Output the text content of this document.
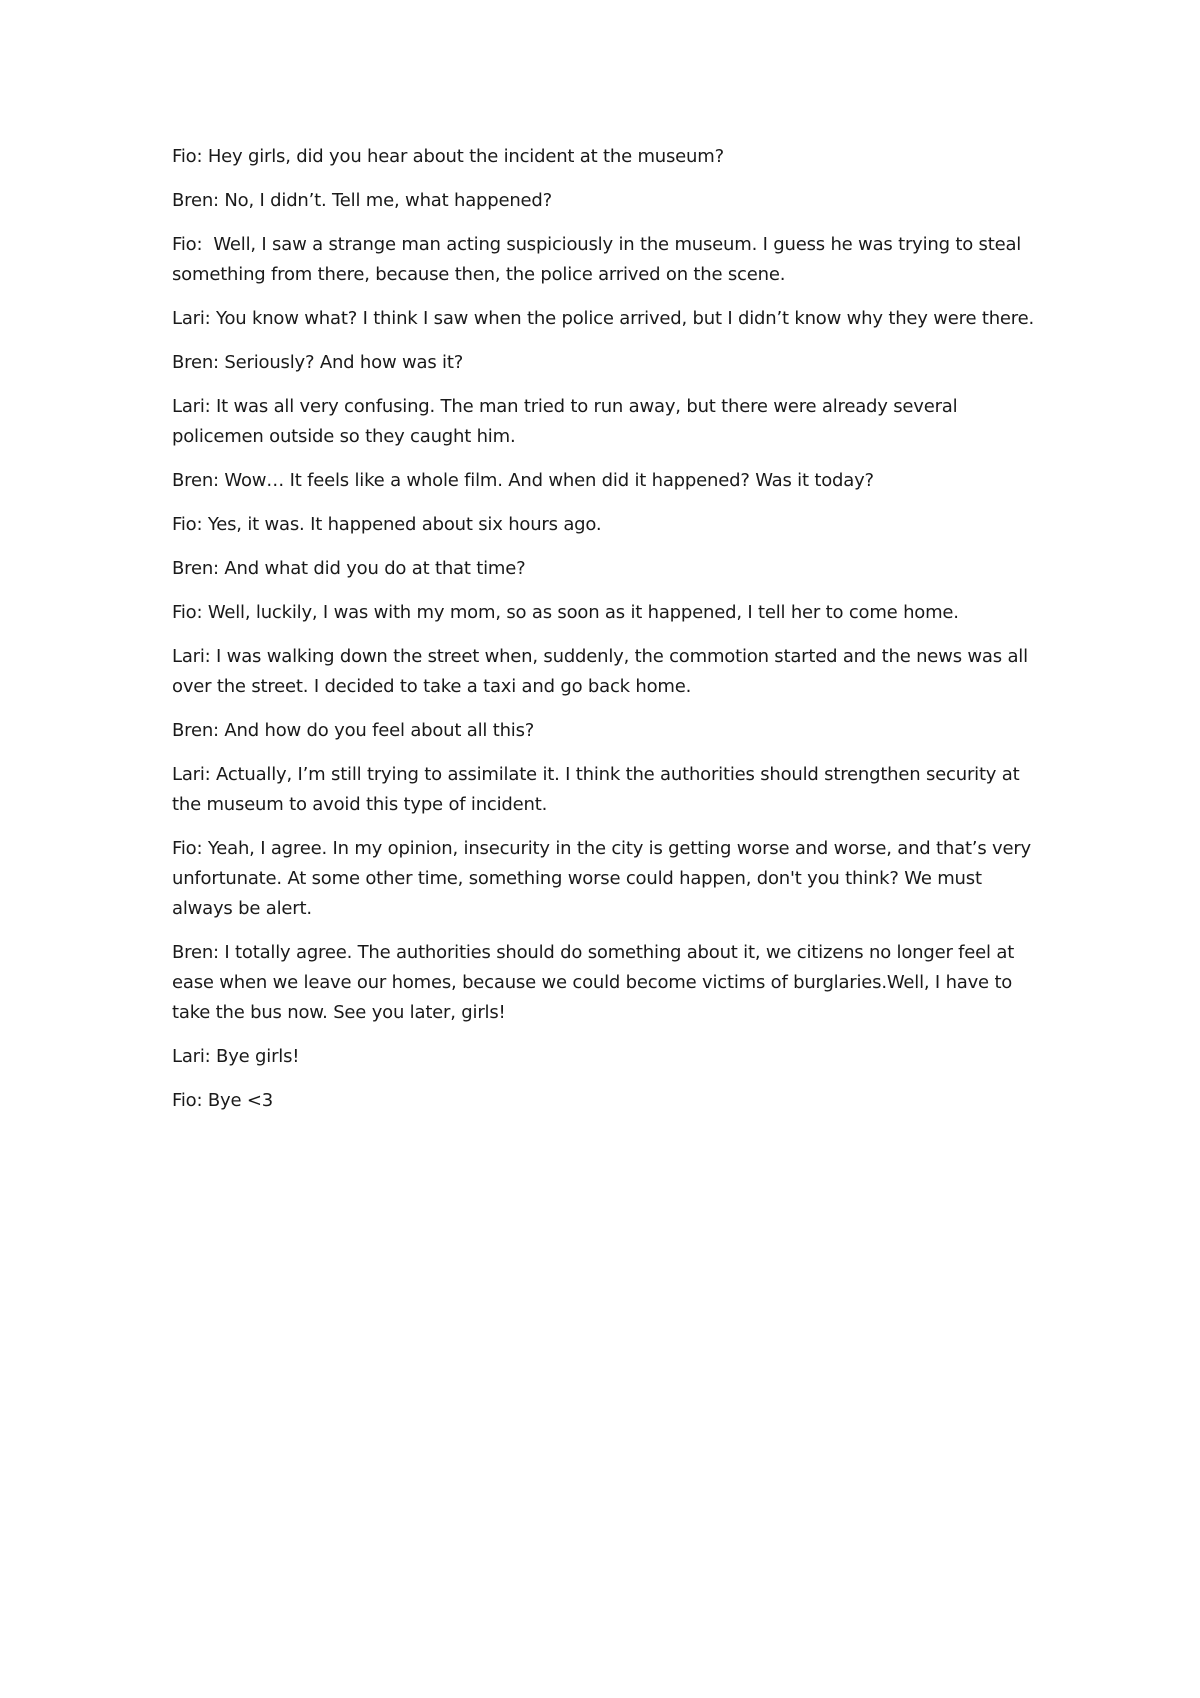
Fio: Hey girls, did you hear about the incident at the museum?

Bren: No, I didn’t. Tell me, what happened?

Fio:  Well, I saw a strange man acting suspiciously in the museum. I guess he was trying to steal something from there, because then, the police arrived on the scene.

Lari: You know what? I think I saw when the police arrived, but I didn’t know why they were there.

Bren: Seriously? And how was it?

Lari: It was all very confusing. The man tried to run away, but there were already several policemen outside so they caught him.

Bren: Wow… It feels like a whole film. And when did it happened? Was it today?

Fio: Yes, it was. It happened about six hours ago.

Bren: And what did you do at that time?

Fio: Well, luckily, I was with my mom, so as soon as it happened, I tell her to come home.

Lari: I was walking down the street when, suddenly, the commotion started and the news was all over the street. I decided to take a taxi and go back home.

Bren: And how do you feel about all this?

Lari: Actually, I’m still trying to assimilate it. I think the authorities should strengthen security at the museum to avoid this type of incident.

Fio: Yeah, I agree. In my opinion, insecurity in the city is getting worse and worse, and that’s very unfortunate. At some other time, something worse could happen, don't you think? We must always be alert.

Bren: I totally agree. The authorities should do something about it, we citizens no longer feel at ease when we leave our homes, because we could become victims of burglaries.Well, I have to take the bus now. See you later, girls!

Lari: Bye girls!

Fio: Bye <3
